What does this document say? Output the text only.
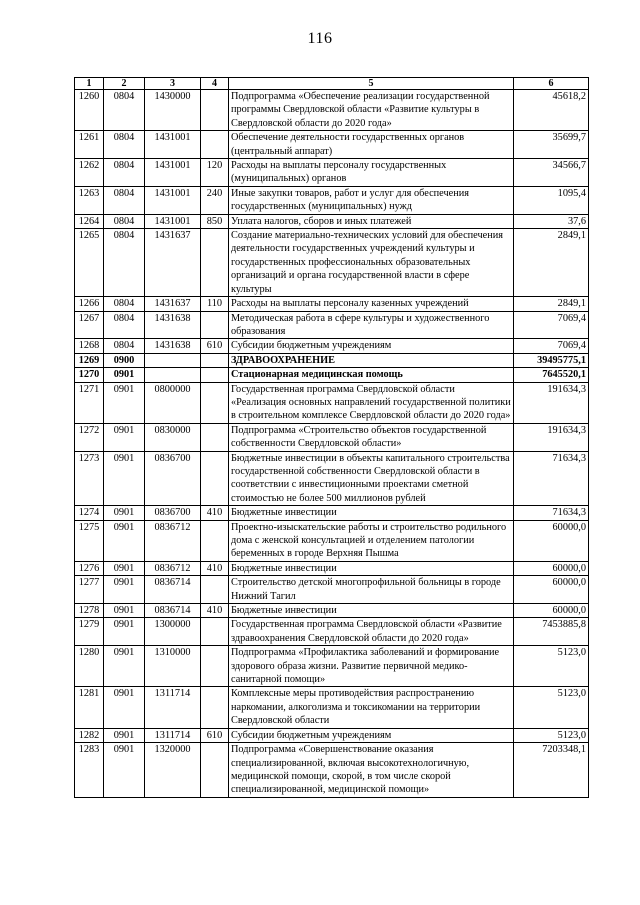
116
1	2	3	4	5	6
1260	0804	1430000		Подпрограмма «Обеспечение реализации государственной программы Свердловской области «Развитие культуры в Свердловской области до 2020 года»	45618,2
1261	0804	1431001		Обеспечение деятельности государственных органов (центральный аппарат)	35699,7
1262	0804	1431001	120	Расходы на выплаты персоналу государственных (муниципальных) органов	34566,7
1263	0804	1431001	240	Иные закупки товаров, работ и услуг для обеспечения государственных (муниципальных) нужд	1095,4
1264	0804	1431001	850	Уплата налогов, сборов и иных платежей	37,6
1265	0804	1431637		Создание материально-технических условий для обеспечения деятельности государственных учреждений культуры и государственных профессиональных образовательных организаций и органа государственной власти в сфере культуры	2849,1
1266	0804	1431637	110	Расходы на выплаты персоналу казенных учреждений	2849,1
1267	0804	1431638		Методическая работа в сфере культуры и художественного образования	7069,4
1268	0804	1431638	610	Субсидии бюджетным учреждениям	7069,4
1269	0900			ЗДРАВООХРАНЕНИЕ	39495775,1
1270	0901			Стационарная медицинская помощь	7645520,1
1271	0901	0800000		Государственная программа Свердловской области «Реализация основных направлений государственной политики в строительном комплексе Свердловской области до 2020 года»	191634,3
1272	0901	0830000		Подпрограмма «Строительство объектов государственной собственности Свердловской области»	191634,3
1273	0901	0836700		Бюджетные инвестиции в объекты капитального строительства государственной собственности Свердловской области в соответствии с инвестиционными проектами сметной стоимостью не более 500 миллионов рублей	71634,3
1274	0901	0836700	410	Бюджетные инвестиции	71634,3
1275	0901	0836712		Проектно-изыскательские работы и строительство родильного дома с женской консультацией и отделением патологии беременных в городе Верхняя Пышма	60000,0
1276	0901	0836712	410	Бюджетные инвестиции	60000,0
1277	0901	0836714		Строительство детской многопрофильной больницы в городе Нижний Тагил	60000,0
1278	0901	0836714	410	Бюджетные инвестиции	60000,0
1279	0901	1300000		Государственная программа Свердловской области «Развитие здравоохранения Свердловской области до 2020 года»	7453885,8
1280	0901	1310000		Подпрограмма «Профилактика заболеваний и формирование здорового образа жизни. Развитие первичной медико-санитарной помощи»	5123,0
1281	0901	1311714		Комплексные меры противодействия распространению наркомании, алкоголизма и токсикомании на территории Свердловской области	5123,0
1282	0901	1311714	610	Субсидии бюджетным учреждениям	5123,0
1283	0901	1320000		Подпрограмма «Совершенствование оказания специализированной, включая высокотехнологичную, медицинской помощи, скорой, в том числе скорой специализированной, медицинской помощи»	7203348,1
